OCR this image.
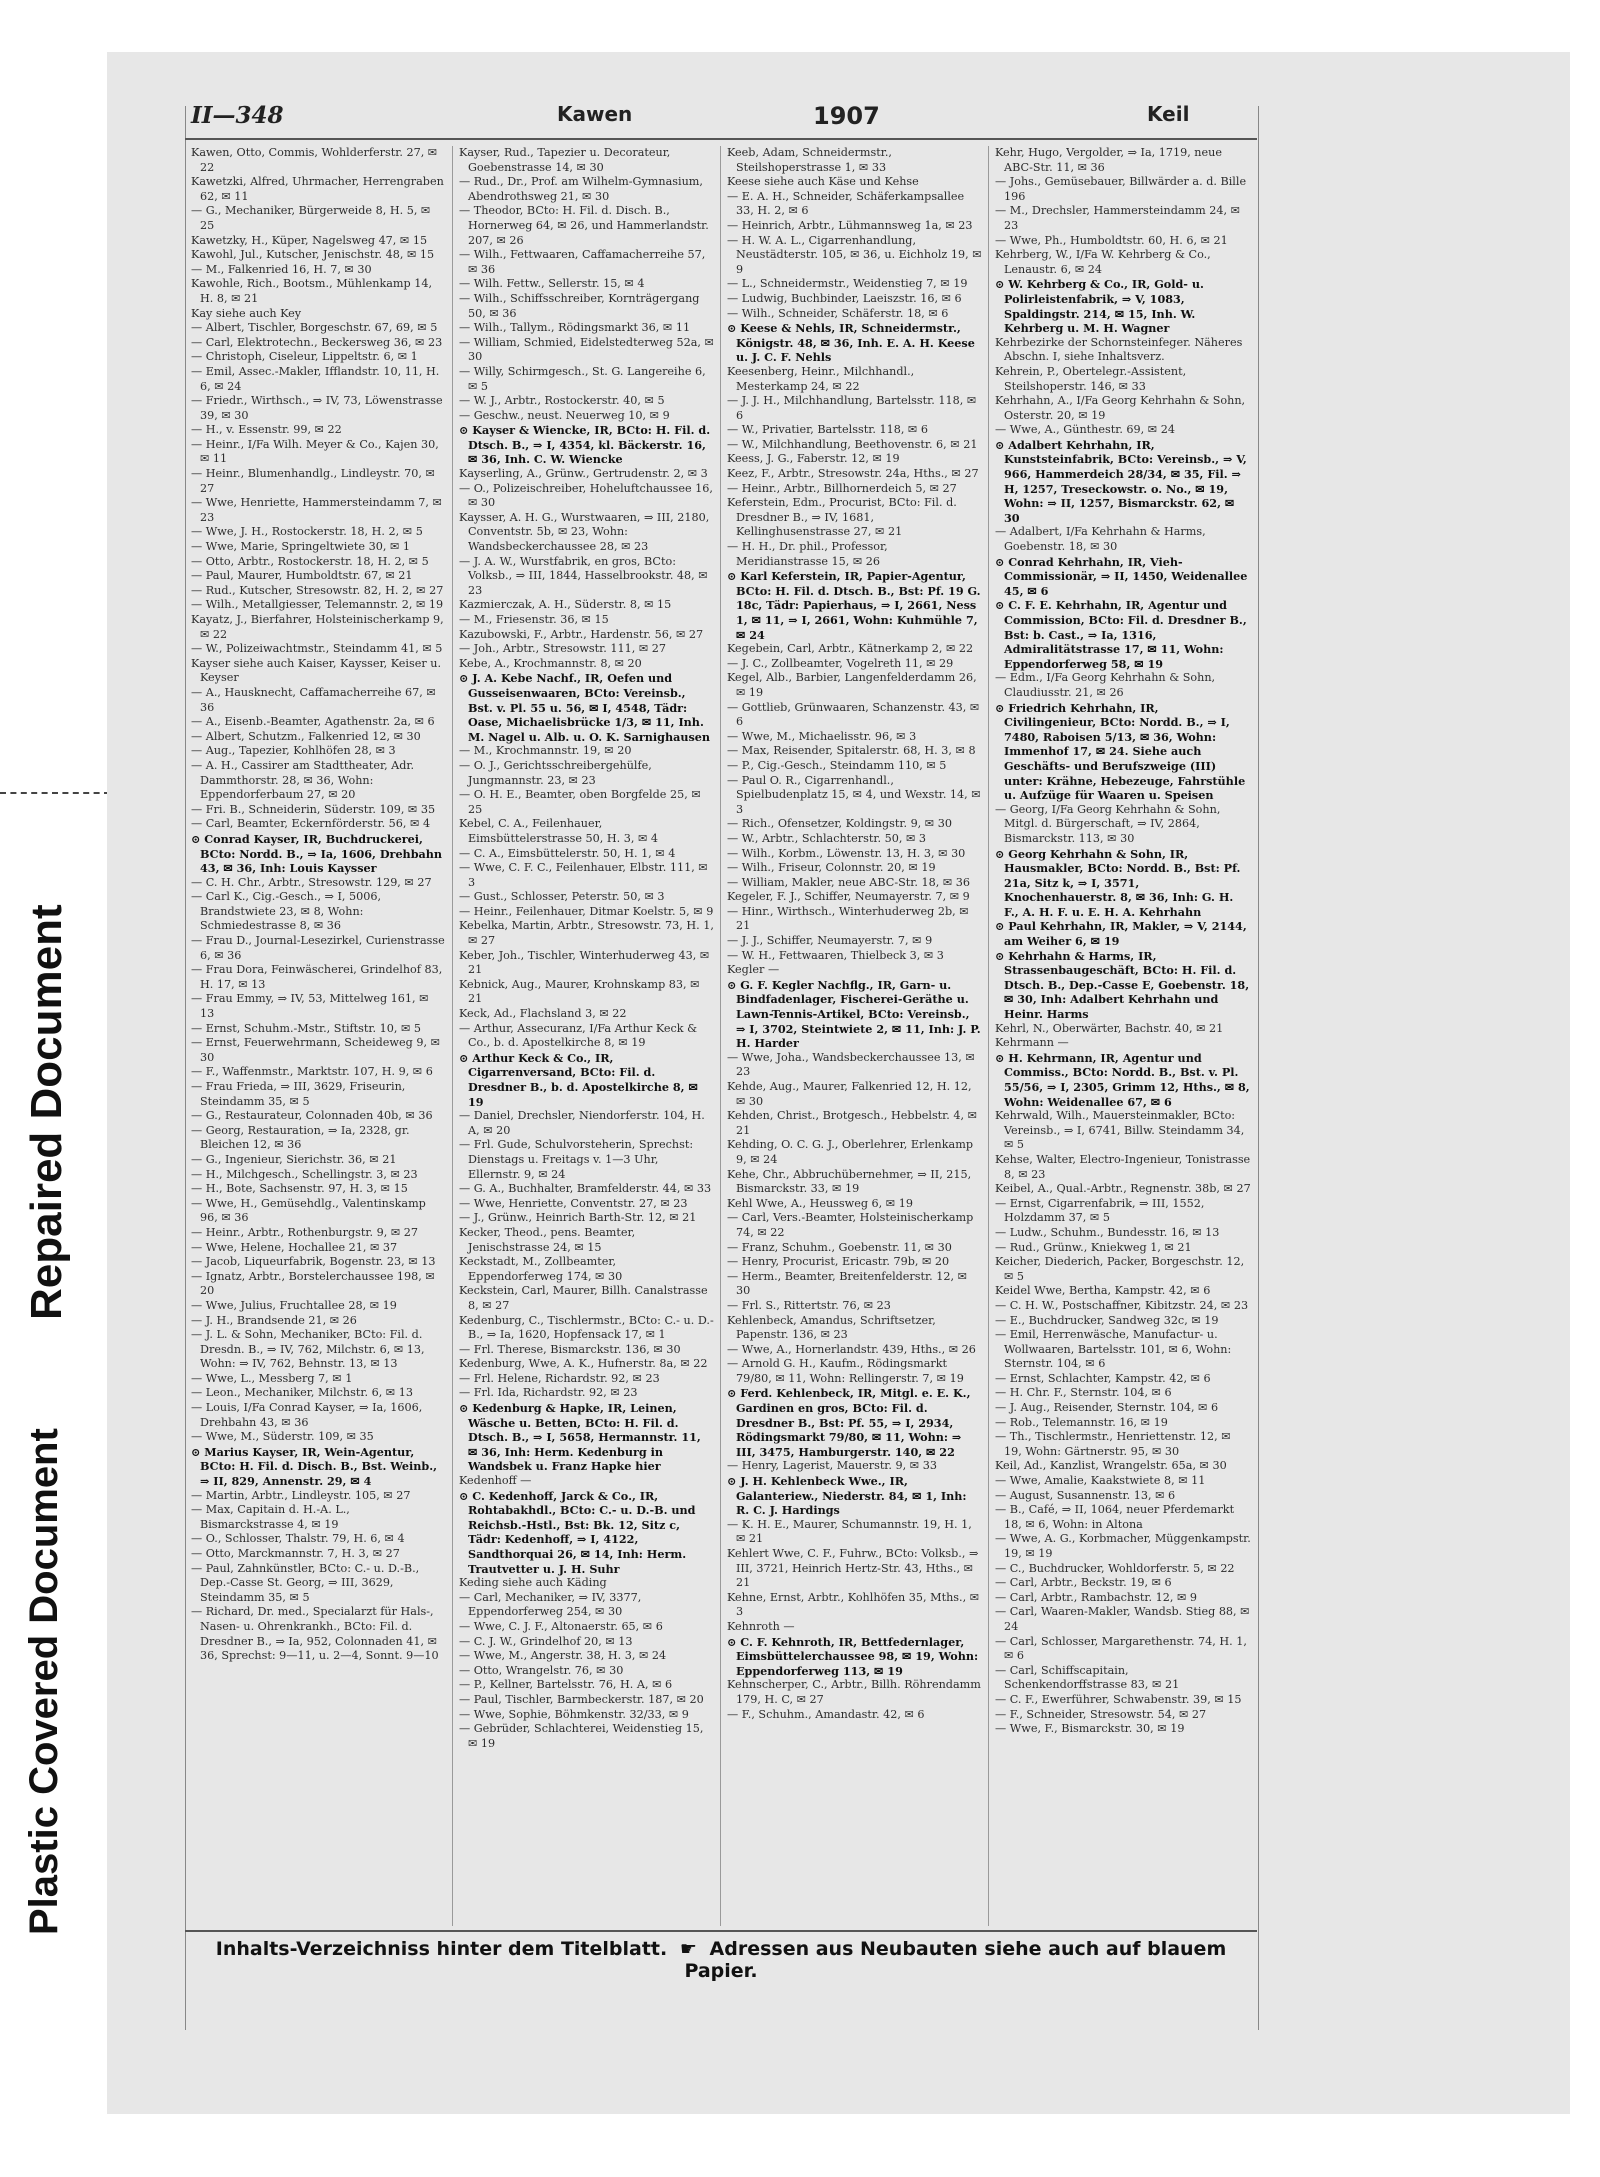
Repaired Document
Plastic Covered Document
II—348	Kawen	1907	Keil

Kawen, Otto, Commis, Wohlderferstr. 27, ✉ 22

Kawetzki, Alfred, Uhrmacher, Herrengraben 62, ✉ 11

— G., Mechaniker, Bürgerweide 8, H. 5, ✉ 25

Kawetzky, H., Küper, Nagelsweg 47, ✉ 15

Kawohl, Jul., Kutscher, Jenischstr. 48, ✉ 15

— M., Falkenried 16, H. 7, ✉ 30

Kawohle, Rich., Bootsm., Mühlenkamp 14, H. 8, ✉ 21

Kay siehe auch Key

— Albert, Tischler, Borgeschstr. 67, 69, ✉ 5

— Carl, Elektrotechn., Beckersweg 36, ✉ 23

— Christoph, Ciseleur, Lippeltstr. 6, ✉ 1

— Emil, Assec.-Makler, Ifflandstr. 10, 11, H. 6, ✉ 24

— Friedr., Wirthsch., ⇒ IV, 73, Löwenstrasse 39, ✉ 30

— H., v. Essenstr. 99, ✉ 22

— Heinr., I/Fa Wilh. Meyer & Co., Kajen 30, ✉ 11

— Heinr., Blumenhandlg., Lindleystr. 70, ✉ 27

— Wwe, Henriette, Hammersteindamm 7, ✉ 23

— Wwe, J. H., Rostockerstr. 18, H. 2, ✉ 5

— Wwe, Marie, Springeltwiete 30, ✉ 1

— Otto, Arbtr., Rostockerstr. 18, H. 2, ✉ 5

— Paul, Maurer, Humboldtstr. 67, ✉ 21

— Rud., Kutscher, Stresowstr. 82, H. 2, ✉ 27

— Wilh., Metallgiesser, Telemannstr. 2, ✉ 19

Kayatz, J., Bierfahrer, Holsteinischerkamp 9, ✉ 22

— W., Polizeiwachtmstr., Steindamm 41, ✉ 5

Kayser siehe auch Kaiser, Kaysser, Keiser u. Keyser

— A., Hausknecht, Caffamacherreihe 67, ✉ 36

— A., Eisenb.-Beamter, Agathenstr. 2a, ✉ 6

— Albert, Schutzm., Falkenried 12, ✉ 30

— Aug., Tapezier, Kohlhöfen 28, ✉ 3

— A. H., Cassirer am Stadttheater, Adr. Dammthorstr. 28, ✉ 36, Wohn: Eppendorferbaum 27, ✉ 20

— Fri. B., Schneiderin, Süderstr. 109, ✉ 35

— Carl, Beamter, Eckernförderstr. 56, ✉ 4

⊙ Conrad Kayser, IR, Buchdruckerei, BCto: Nordd. B., ⇒ Ia, 1606, Drehbahn 43, ✉ 36, Inh: Louis Kaysser

— C. H. Chr., Arbtr., Stresowstr. 129, ✉ 27

— Carl K., Cig.-Gesch., ⇒ I, 5006, Brandstwiete 23, ✉ 8, Wohn: Schmiedestrasse 8, ✉ 36

— Frau D., Journal-Lesezirkel, Curienstrasse 6, ✉ 36

— Frau Dora, Feinwäscherei, Grindelhof 83, H. 17, ✉ 13

— Frau Emmy, ⇒ IV, 53, Mittelweg 161, ✉ 13

— Ernst, Schuhm.-Mstr., Stiftstr. 10, ✉ 5

— Ernst, Feuerwehrmann, Scheideweg 9, ✉ 30

— F., Waffenmstr., Marktstr. 107, H. 9, ✉ 6

— Frau Frieda, ⇒ III, 3629, Friseurin, Steindamm 35, ✉ 5

— G., Restaurateur, Colonnaden 40b, ✉ 36

— Georg, Restauration, ⇒ Ia, 2328, gr. Bleichen 12, ✉ 36

— G., Ingenieur, Sierichstr. 36, ✉ 21

— H., Milchgesch., Schellingstr. 3, ✉ 23

— H., Bote, Sachsenstr. 97, H. 3, ✉ 15

— Wwe, H., Gemüsehdlg., Valentinskamp 96, ✉ 36

— Heinr., Arbtr., Rothenburgstr. 9, ✉ 27

— Wwe, Helene, Hochallee 21, ✉ 37

— Jacob, Liqueurfabrik, Bogenstr. 23, ✉ 13

— Ignatz, Arbtr., Borstelerchaussee 198, ✉ 20

— Wwe, Julius, Fruchtallee 28, ✉ 19

— J. H., Brandsende 21, ✉ 26

— J. L. & Sohn, Mechaniker, BCto: Fil. d. Dresdn. B., ⇒ IV, 762, Milchstr. 6, ✉ 13, Wohn: ⇒ IV, 762, Behnstr. 13, ✉ 13

— Wwe, L., Messberg 7, ✉ 1

— Leon., Mechaniker, Milchstr. 6, ✉ 13

— Louis, I/Fa Conrad Kayser, ⇒ Ia, 1606, Drehbahn 43, ✉ 36

— Wwe, M., Süderstr. 109, ✉ 35

⊙ Marius Kayser, IR, Wein-Agentur, BCto: H. Fil. d. Disch. B., Bst. Weinb., ⇒ II, 829, Annenstr. 29, ✉ 4

— Martin, Arbtr., Lindleystr. 105, ✉ 27

— Max, Capitain d. H.-A. L., Bismarckstrasse 4, ✉ 19

— O., Schlosser, Thalstr. 79, H. 6, ✉ 4

— Otto, Marckmannstr. 7, H. 3, ✉ 27

— Paul, Zahnkünstler, BCto: C.- u. D.-B., Dep.-Casse St. Georg, ⇒ III, 3629, Steindamm 35, ✉ 5

— Richard, Dr. med., Specialarzt für Hals-, Nasen- u. Ohrenkrankh., BCto: Fil. d. Dresdner B., ⇒ Ia, 952, Colonnaden 41, ✉ 36, Sprechst: 9—11, u. 2—4, Sonnt. 9—10

Kayser, Rud., Tapezier u. Decorateur, Goebenstrasse 14, ✉ 30

— Rud., Dr., Prof. am Wilhelm-Gymnasium, Abendrothsweg 21, ✉ 30

— Theodor, BCto: H. Fil. d. Disch. B., Hornerweg 64, ✉ 26, und Hammerlandstr. 207, ✉ 26

— Wilh., Fettwaaren, Caffamacherreihe 57, ✉ 36

— Wilh. Fettw., Sellerstr. 15, ✉ 4

— Wilh., Schiffsschreiber, Kornträgergang 50, ✉ 36

— Wilh., Tallym., Rödingsmarkt 36, ✉ 11

— William, Schmied, Eidelstedterweg 52a, ✉ 30

— Willy, Schirmgesch., St. G. Langereihe 6, ✉ 5

— W. J., Arbtr., Rostockerstr. 40, ✉ 5

— Geschw., neust. Neuerweg 10, ✉ 9

⊙ Kayser & Wiencke, IR, BCto: H. Fil. d. Dtsch. B., ⇒ I, 4354, kl. Bäckerstr. 16, ✉ 36, Inh. C. W. Wiencke

Kayserling, A., Grünw., Gertrudenstr. 2, ✉ 3

— O., Polizeischreiber, Hoheluftchaussee 16, ✉ 30

Kaysser, A. H. G., Wurstwaaren, ⇒ III, 2180, Conventstr. 5b, ✉ 23, Wohn: Wandsbeckerchaussee 28, ✉ 23

— J. A. W., Wurstfabrik, en gros, BCto: Volksb., ⇒ III, 1844, Hasselbrookstr. 48, ✉ 23

Kazmierczak, A. H., Süderstr. 8, ✉ 15

— M., Friesenstr. 36, ✉ 15

Kazubowski, F., Arbtr., Hardenstr. 56, ✉ 27

— Joh., Arbtr., Stresowstr. 111, ✉ 27

Kebe, A., Krochmannstr. 8, ✉ 20

⊙ J. A. Kebe Nachf., IR, Oefen und Gusseisenwaaren, BCto: Vereinsb., Bst. v. Pl. 55 u. 56, ✉ I, 4548, Tädr: Oase, Michaelisbrücke 1/3, ✉ 11, Inh. M. Nagel u. Alb. u. O. K. Sarnighausen

— M., Krochmannstr. 19, ✉ 20

— O. J., Gerichtsschreibergehülfe, Jungmannstr. 23, ✉ 23

— O. H. E., Beamter, oben Borgfelde 25, ✉ 25

Kebel, C. A., Feilenhauer, Eimsbüttelerstrasse 50, H. 3, ✉ 4

— C. A., Eimsbüttelerstr. 50, H. 1, ✉ 4

— Wwe, C. F. C., Feilenhauer, Elbstr. 111, ✉ 3

— Gust., Schlosser, Peterstr. 50, ✉ 3

— Heinr., Feilenhauer, Ditmar Koelstr. 5, ✉ 9

Kebelka, Martin, Arbtr., Stresowstr. 73, H. 1, ✉ 27

Keber, Joh., Tischler, Winterhuderweg 43, ✉ 21

Kebnick, Aug., Maurer, Krohnskamp 83, ✉ 21

Keck, Ad., Flachsland 3, ✉ 22

— Arthur, Assecuranz, I/Fa Arthur Keck & Co., b. d. Apostelkirche 8, ✉ 19

⊙ Arthur Keck & Co., IR, Cigarrenversand, BCto: Fil. d. Dresdner B., b. d. Apostelkirche 8, ✉ 19

— Daniel, Drechsler, Niendorferstr. 104, H. A, ✉ 20

— Frl. Gude, Schulvorsteherin, Sprechst: Dienstags u. Freitags v. 1—3 Uhr, Ellernstr. 9, ✉ 24

— G. A., Buchhalter, Bramfelderstr. 44, ✉ 33

— Wwe, Henriette, Conventstr. 27, ✉ 23

— J., Grünw., Heinrich Barth-Str. 12, ✉ 21

Kecker, Theod., pens. Beamter, Jenischstrasse 24, ✉ 15

Keckstadt, M., Zollbeamter, Eppendorferweg 174, ✉ 30

Keckstein, Carl, Maurer, Billh. Canalstrasse 8, ✉ 27

Kedenburg, C., Tischlermstr., BCto: C.- u. D.-B., ⇒ Ia, 1620, Hopfensack 17, ✉ 1

— Frl. Therese, Bismarckstr. 136, ✉ 30

Kedenburg, Wwe, A. K., Hufnerstr. 8a, ✉ 22

— Frl. Helene, Richardstr. 92, ✉ 23

— Frl. Ida, Richardstr. 92, ✉ 23

⊙ Kedenburg & Hapke, IR, Leinen, Wäsche u. Betten, BCto: H. Fil. d. Dtsch. B., ⇒ I, 5658, Hermannstr. 11, ✉ 36, Inh: Herm. Kedenburg in Wandsbek u. Franz Hapke hier

Kedenhoff —

⊙ C. Kedenhoff, Jarck & Co., IR, Rohtabakhdl., BCto: C.- u. D.-B. und Reichsb.-Hstl., Bst: Bk. 12, Sitz c, Tädr: Kedenhoff, ⇒ I, 4122, Sandthorquai 26, ✉ 14, Inh: Herm. Trautvetter u. J. H. Suhr

Keding siehe auch Käding

— Carl, Mechaniker, ⇒ IV, 3377, Eppendorferweg 254, ✉ 30

— Wwe, C. J. F., Altonaerstr. 65, ✉ 6

— C. J. W., Grindelhof 20, ✉ 13

— Wwe, M., Angerstr. 38, H. 3, ✉ 24

— Otto, Wrangelstr. 76, ✉ 30

— P., Kellner, Bartelsstr. 76, H. A, ✉ 6

— Paul, Tischler, Barmbeckerstr. 187, ✉ 20

— Wwe, Sophie, Böhmkenstr. 32/33, ✉ 9

— Gebrüder, Schlachterei, Weidenstieg 15, ✉ 19

Keeb, Adam, Schneidermstr., Steilshoperstrasse 1, ✉ 33

Keese siehe auch Käse und Kehse

— E. A. H., Schneider, Schäferkampsallee 33, H. 2, ✉ 6

— Heinrich, Arbtr., Lühmannsweg 1a, ✉ 23

— H. W. A. L., Cigarrenhandlung, Neustädterstr. 105, ✉ 36, u. Eichholz 19, ✉ 9

— L., Schneidermstr., Weidenstieg 7, ✉ 19

— Ludwig, Buchbinder, Laeiszstr. 16, ✉ 6

— Wilh., Schneider, Schäferstr. 18, ✉ 6

⊙ Keese & Nehls, IR, Schneidermstr., Königstr. 48, ✉ 36, Inh. E. A. H. Keese u. J. C. F. Nehls

Keesenberg, Heinr., Milchhandl., Mesterkamp 24, ✉ 22

— J. J. H., Milchhandlung, Bartelsstr. 118, ✉ 6

— W., Privatier, Bartelsstr. 118, ✉ 6

— W., Milchhandlung, Beethovenstr. 6, ✉ 21

Keess, J. G., Faberstr. 12, ✉ 19

Keez, F., Arbtr., Stresowstr. 24a, Hths., ✉ 27

— Heinr., Arbtr., Billhornerdeich 5, ✉ 27

Keferstein, Edm., Procurist, BCto: Fil. d. Dresdner B., ⇒ IV, 1681, Kellinghusenstrasse 27, ✉ 21

— H. H., Dr. phil., Professor, Meridianstrasse 15, ✉ 26

⊙ Karl Keferstein, IR, Papier-Agentur, BCto: H. Fil. d. Dtsch. B., Bst: Pf. 19 G. 18c, Tädr: Papierhaus, ⇒ I, 2661, Ness 1, ✉ 11, ⇒ I, 2661, Wohn: Kuhmühle 7, ✉ 24

Kegebein, Carl, Arbtr., Kätnerkamp 2, ✉ 22

— J. C., Zollbeamter, Vogelreth 11, ✉ 29

Kegel, Alb., Barbier, Langenfelderdamm 26, ✉ 19

— Gottlieb, Grünwaaren, Schanzenstr. 43, ✉ 6

— Wwe, M., Michaelisstr. 96, ✉ 3

— Max, Reisender, Spitalerstr. 68, H. 3, ✉ 8

— P., Cig.-Gesch., Steindamm 110, ✉ 5

— Paul O. R., Cigarrenhandl., Spielbudenplatz 15, ✉ 4, und Wexstr. 14, ✉ 3

— Rich., Ofensetzer, Koldingstr. 9, ✉ 30

— W., Arbtr., Schlachterstr. 50, ✉ 3

— Wilh., Korbm., Löwenstr. 13, H. 3, ✉ 30

— Wilh., Friseur, Colonnstr. 20, ✉ 19

— William, Makler, neue ABC-Str. 18, ✉ 36

Kegeler, F. J., Schiffer, Neumayerstr. 7, ✉ 9

— Hinr., Wirthsch., Winterhuderweg 2b, ✉ 21

— J. J., Schiffer, Neumayerstr. 7, ✉ 9

— W. H., Fettwaaren, Thielbeck 3, ✉ 3

Kegler —

⊙ G. F. Kegler Nachflg., IR, Garn- u. Bindfadenlager, Fischerei-Geräthe u. Lawn-Tennis-Artikel, BCto: Vereinsb., ⇒ I, 3702, Steintwiete 2, ✉ 11, Inh: J. P. H. Harder

— Wwe, Joha., Wandsbeckerchaussee 13, ✉ 23

Kehde, Aug., Maurer, Falkenried 12, H. 12, ✉ 30

Kehden, Christ., Brotgesch., Hebbelstr. 4, ✉ 21

Kehding, O. C. G. J., Oberlehrer, Erlenkamp 9, ✉ 24

Kehe, Chr., Abbruchübernehmer, ⇒ II, 215, Bismarckstr. 33, ✉ 19

Kehl Wwe, A., Heussweg 6, ✉ 19

— Carl, Vers.-Beamter, Holsteinischerkamp 74, ✉ 22

— Franz, Schuhm., Goebenstr. 11, ✉ 30

— Henry, Procurist, Ericastr. 79b, ✉ 20

— Herm., Beamter, Breitenfelderstr. 12, ✉ 30

— Frl. S., Rittertstr. 76, ✉ 23

Kehlenbeck, Amandus, Schriftsetzer, Papenstr. 136, ✉ 23

— Wwe, A., Hornerlandstr. 439, Hths., ✉ 26

— Arnold G. H., Kaufm., Rödingsmarkt 79/80, ✉ 11, Wohn: Rellingerstr. 7, ✉ 19

⊙ Ferd. Kehlenbeck, IR, Mitgl. e. E. K., Gardinen en gros, BCto: Fil. d. Dresdner B., Bst: Pf. 55, ⇒ I, 2934, Rödingsmarkt 79/80, ✉ 11, Wohn: ⇒ III, 3475, Hamburgerstr. 140, ✉ 22

— Henry, Lagerist, Mauerstr. 9, ✉ 33

⊙ J. H. Kehlenbeck Wwe., IR, Galanteriew., Niederstr. 84, ✉ 1, Inh: R. C. J. Hardings

— K. H. E., Maurer, Schumannstr. 19, H. 1, ✉ 21

Kehlert Wwe, C. F., Fuhrw., BCto: Volksb., ⇒ III, 3721, Heinrich Hertz-Str. 43, Hths., ✉ 21

Kehne, Ernst, Arbtr., Kohlhöfen 35, Mths., ✉ 3

Kehnroth —

⊙ C. F. Kehnroth, IR, Bettfedernlager, Eimsbüttelerchaussee 98, ✉ 19, Wohn: Eppendorferweg 113, ✉ 19

Kehnscherper, C., Arbtr., Billh. Röhrendamm 179, H. C, ✉ 27

— F., Schuhm., Amandastr. 42, ✉ 6

Kehr, Hugo, Vergolder, ⇒ Ia, 1719, neue ABC-Str. 11, ✉ 36

— Johs., Gemüsebauer, Billwärder a. d. Bille 196

— M., Drechsler, Hammersteindamm 24, ✉ 23

— Wwe, Ph., Humboldtstr. 60, H. 6, ✉ 21

Kehrberg, W., I/Fa W. Kehrberg & Co., Lenaustr. 6, ✉ 24

⊙ W. Kehrberg & Co., IR, Gold- u. Polirleistenfabrik, ⇒ V, 1083, Spaldingstr. 214, ✉ 15, Inh. W. Kehrberg u. M. H. Wagner

Kehrbezirke der Schornsteinfeger. Näheres Abschn. I, siehe Inhaltsverz.

Kehrein, P., Obertelegr.-Assistent, Steilshoperstr. 146, ✉ 33

Kehrhahn, A., I/Fa Georg Kehrhahn & Sohn, Osterstr. 20, ✉ 19

— Wwe, A., Günthestr. 69, ✉ 24

⊙ Adalbert Kehrhahn, IR, Kunststeinfabrik, BCto: Vereinsb., ⇒ V, 966, Hammerdeich 28/34, ✉ 35, Fil. ⇒ H, 1257, Treseckowstr. o. No., ✉ 19, Wohn: ⇒ II, 1257, Bismarckstr. 62, ✉ 30

— Adalbert, I/Fa Kehrhahn & Harms, Goebenstr. 18, ✉ 30

⊙ Conrad Kehrhahn, IR, Vieh-Commissionär, ⇒ II, 1450, Weidenallee 45, ✉ 6

⊙ C. F. E. Kehrhahn, IR, Agentur und Commission, BCto: Fil. d. Dresdner B., Bst: b. Cast., ⇒ Ia, 1316, Admiralitätstrasse 17, ✉ 11, Wohn: Eppendorferweg 58, ✉ 19

— Edm., I/Fa Georg Kehrhahn & Sohn, Claudiusstr. 21, ✉ 26

⊙ Friedrich Kehrhahn, IR, Civilingenieur, BCto: Nordd. B., ⇒ I, 7480, Raboisen 5/13, ✉ 36, Wohn: Immenhof 17, ✉ 24. Siehe auch Geschäfts- und Berufszweige (III) unter: Krähne, Hebezeuge, Fahrstühle u. Aufzüge für Waaren u. Speisen

— Georg, I/Fa Georg Kehrhahn & Sohn, Mitgl. d. Bürgerschaft, ⇒ IV, 2864, Bismarckstr. 113, ✉ 30

⊙ Georg Kehrhahn & Sohn, IR, Hausmakler, BCto: Nordd. B., Bst: Pf. 21a, Sitz k, ⇒ I, 3571, Knochenhauerstr. 8, ✉ 36, Inh: G. H. F., A. H. F. u. E. H. A. Kehrhahn

⊙ Paul Kehrhahn, IR, Makler, ⇒ V, 2144, am Weiher 6, ✉ 19

⊙ Kehrhahn & Harms, IR, Strassenbaugeschäft, BCto: H. Fil. d. Dtsch. B., Dep.-Casse E, Goebenstr. 18, ✉ 30, Inh: Adalbert Kehrhahn und Heinr. Harms

Kehrl, N., Oberwärter, Bachstr. 40, ✉ 21

Kehrmann —

⊙ H. Kehrmann, IR, Agentur und Commiss., BCto: Nordd. B., Bst. v. Pl. 55/56, ⇒ I, 2305, Grimm 12, Hths., ✉ 8, Wohn: Weidenallee 67, ✉ 6

Kehrwald, Wilh., Mauersteinmakler, BCto: Vereinsb., ⇒ I, 6741, Billw. Steindamm 34, ✉ 5

Kehse, Walter, Electro-Ingenieur, Tonistrasse 8, ✉ 23

Keibel, A., Qual.-Arbtr., Regnenstr. 38b, ✉ 27

— Ernst, Cigarrenfabrik, ⇒ III, 1552, Holzdamm 37, ✉ 5

— Ludw., Schuhm., Bundesstr. 16, ✉ 13

— Rud., Grünw., Kniekweg 1, ✉ 21

Keicher, Diederich, Packer, Borgeschstr. 12, ✉ 5

Keidel Wwe, Bertha, Kampstr. 42, ✉ 6

— C. H. W., Postschaffner, Kibitzstr. 24, ✉ 23

— E., Buchdrucker, Sandweg 32c, ✉ 19

— Emil, Herrenwäsche, Manufactur- u. Wollwaaren, Bartelsstr. 101, ✉ 6, Wohn: Sternstr. 104, ✉ 6

— Ernst, Schlachter, Kampstr. 42, ✉ 6

— H. Chr. F., Sternstr. 104, ✉ 6

— J. Aug., Reisender, Sternstr. 104, ✉ 6

— Rob., Telemannstr. 16, ✉ 19

— Th., Tischlermstr., Henriettenstr. 12, ✉ 19, Wohn: Gärtnerstr. 95, ✉ 30

Keil, Ad., Kanzlist, Wrangelstr. 65a, ✉ 30

— Wwe, Amalie, Kaakstwiete 8, ✉ 11

— August, Susannenstr. 13, ✉ 6

— B., Café, ⇒ II, 1064, neuer Pferdemarkt 18, ✉ 6, Wohn: in Altona

— Wwe, A. G., Korbmacher, Müggenkampstr. 19, ✉ 19

— C., Buchdrucker, Wohldorferstr. 5, ✉ 22

— Carl, Arbtr., Beckstr. 19, ✉ 6

— Carl, Arbtr., Rambachstr. 12, ✉ 9

— Carl, Waaren-Makler, Wandsb. Stieg 88, ✉ 24

— Carl, Schlosser, Margarethenstr. 74, H. 1, ✉ 6

— Carl, Schiffscapitain, Schenkendorffstrasse 83, ✉ 21

— C. F., Ewerführer, Schwabenstr. 39, ✉ 15

— F., Schneider, Stresowstr. 54, ✉ 27

— Wwe, F., Bismarckstr. 30, ✉ 19

Inhalts-Verzeichniss hinter dem Titelblatt. ☛ Adressen aus Neubauten siehe auch auf blauem Papier.
